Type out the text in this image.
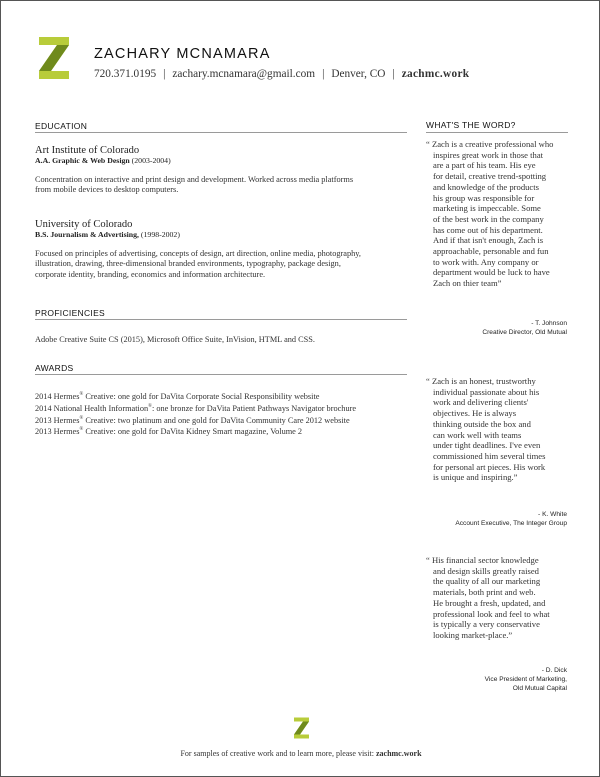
ZACHARY MCNAMARA
720.371.0195 | zachary.mcnamara@gmail.com | Denver, CO | zachmc.work
EDUCATION
Art Institute of Colorado
A.A. Graphic & Web Design (2003-2004)
Concentration on interactive and print design and development. Worked across media platforms
from mobile devices to desktop computers.
University of Colorado
B.S. Journalism & Advertising, (1998-2002)
Focused on principles of advertising, concepts of design, art direction, online media, photography,
illustration, drawing, three-dimensional branded environments, typography, package design,
corporate identity, branding, economics and information architecture.
PROFICIENCIES
Adobe Creative Suite CS (2015), Microsoft Office Suite, InVision, HTML and CSS.
AWARDS
2014 Hermes® Creative: one gold for DaVita Corporate Social Responsibility website
2014 National Health Information®: one bronze for DaVita Patient Pathways Navigator brochure
2013 Hermes® Creative: two platinum and one gold for DaVita Community Care 2012 website
2013 Hermes® Creative: one gold for DaVita Kidney Smart magazine, Volume 2
WHAT'S THE WORD?
“ Zach is a creative professional who
inspires great work in those that
are a part of his team. His eye
for detail, creative trend-spotting
and knowledge of the products
his group was responsible for
marketing is impeccable. Some
of the best work in the company
has come out of his department.
And if that isn't enough, Zach is
approachable, personable and fun
to work with. Any company or
department would be luck to have
Zach on thier team”
- T. Johnson
Creative Director, Old Mutual
“ Zach is an honest, trustworthy
individual passionate about his
work and delivering clients'
objectives. He is always
thinking outside the box and
can work well with teams
under tight deadlines. I've even
commissioned him several times
for personal art pieces. His work
is unique and inspiring.”
- K. White
Account Executive, The Integer Group
“ His financial sector knowledge
and design skills greatly raised
the quality of all our marketing
materials, both print and web.
He brought a fresh, updated, and
professional look and feel to what
is typically a very conservative
looking market-place.”
- D. Dick
Vice President of Marketing,
Old Mutual Capital
For samples of creative work and to learn more, please visit: zachmc.work
